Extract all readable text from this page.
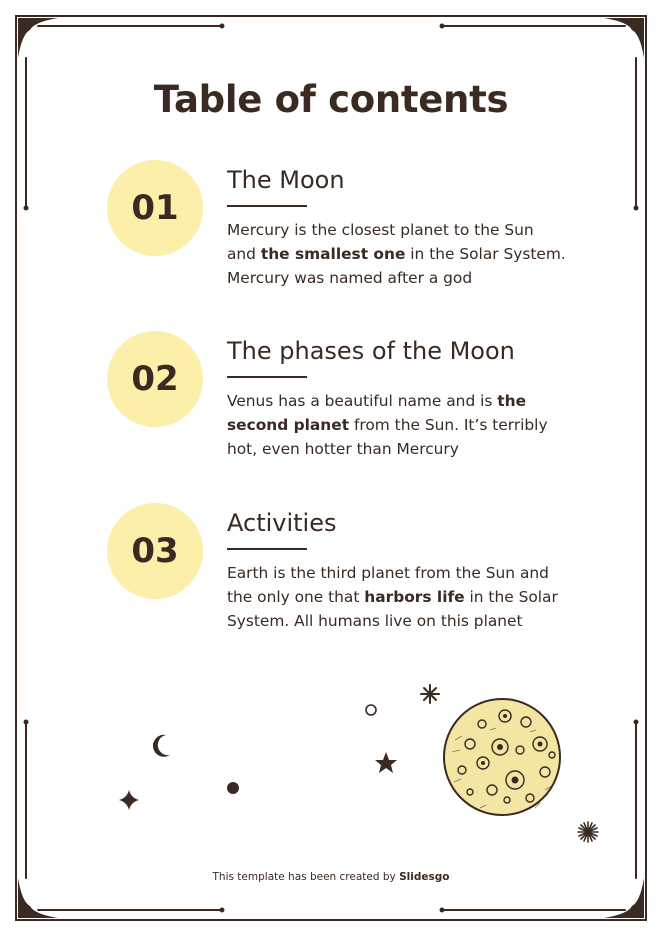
Table of contents
01
The Moon
Mercury is the closest planet to the Sun and the smallest one in the Solar System. Mercury was named after a god
02
The phases of the Moon
Venus has a beautiful name and is the second planet from the Sun. It’s terribly hot, even hotter than Mercury
03
Activities
Earth is the third planet from the Sun and the only one that harbors life in the Solar System. All humans live on this planet
This template has been created by Slidesgo
